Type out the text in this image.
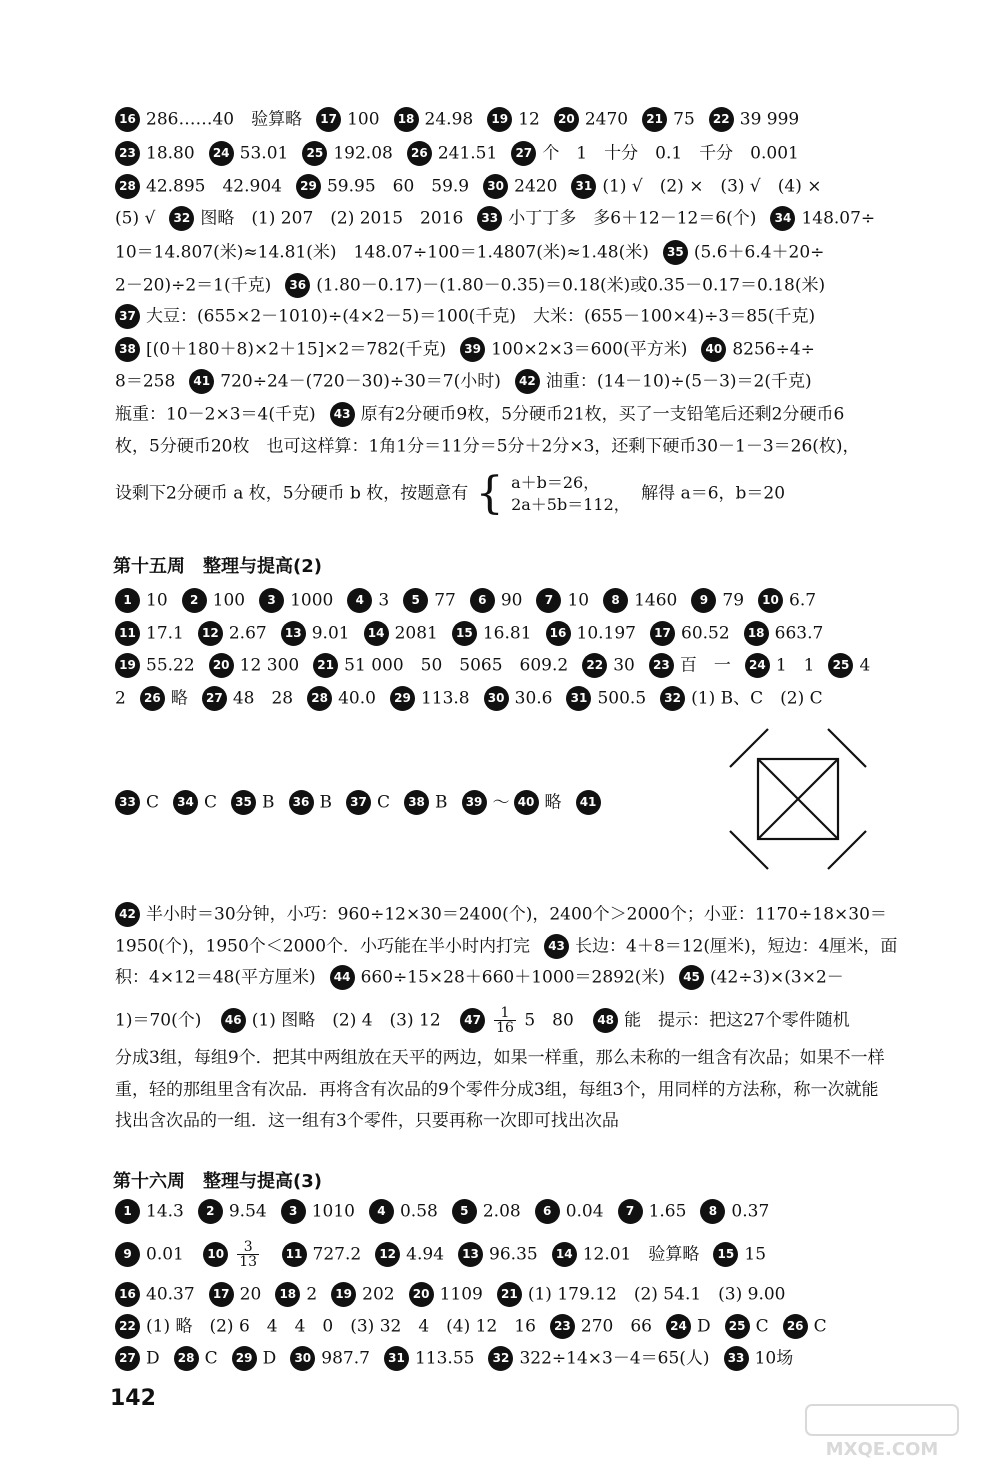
16 286……40　验算略 17 100 18 24.98 19 12 20 2470 21 75 22 39 999
23 18.80 24 53.01 25 192.08 26 241.51 27 个　1　十分　0.1　千分　0.001
28 42.895　42.904 29 59.95　60　59.9 30 2420 31 (1) √　(2) ×　(3) √　(4) ×
(5) √ 32 图略　(1) 207　(2) 2015　2016 33 小丁丁多　多6＋12－12＝6(个) 34 148.07÷
10＝14.807(米)≈14.81(米)　148.07÷100＝1.4807(米)≈1.48(米) 35 (5.6＋6.4＋20÷
2－20)÷2＝1(千克) 36 (1.80－0.17)－(1.80－0.35)＝0.18(米)或0.35－0.17＝0.18(米)
37 大豆：(655×2－1010)÷(4×2－5)＝100(千克)　大米：(655－100×4)÷3＝85(千克)
38 [(0＋180＋8)×2＋15]×2＝782(千克) 39 100×2×3＝600(平方米) 40 8256÷4÷
8＝258 41 720÷24－(720－30)÷30＝7(小时) 42 油重：(14－10)÷(5－3)＝2(千克)
瓶重：10－2×3＝4(千克) 43 原有2分硬币9枚，5分硬币21枚，买了一支铅笔后还剩2分硬币6
枚，5分硬币20枚　也可这样算：1角1分＝11分＝5分＋2分×3，还剩下硬币30－1－3＝26(枚)，
设剩下2分硬币 a 枚，5分硬币 b 枚，按题意有 { a＋b＝26，
2a＋5b＝112，
解得 a＝6，b＝20
第十五周　整理与提高(2)
1 10 2 100 3 1000 4 3 5 77 6 90 7 10 8 1460 9 79 10 6.7
11 17.1 12 2.67 13 9.01 14 2081 15 16.81 16 10.197 17 60.52 18 663.7
19 55.22 20 12 300 21 51 000　50　5065　609.2 22 30 23 百　一 24 1　1 25 4
2 26 略 27 48　28 28 40.0 29 113.8 30 30.6 31 500.5 32 (1) B、C　(2) C
33 C 34 C 35 B 36 B 37 C 38 B 39 ～ 40 略 41
42 半小时＝30分钟，小巧：960÷12×30＝2400(个)，2400个＞2000个；小亚：1170÷18×30＝
1950(个)，1950个＜2000个．小巧能在半小时内打完 43 长边：4＋8＝12(厘米)，短边：4厘米，面
积：4×12＝48(平方厘米) 44 660÷15×28＋660＋1000＝2892(米) 45 (42÷3)×(3×2－
1)＝70(个) 46 (1) 图略　(2) 4　(3) 12 $47 \frac{1}{16} 5$　80 48 能　提示：把这27个零件随机
分成3组，每组9个．把其中两组放在天平的两边，如果一样重，那么未称的一组含有次品；如果不一样
重，轻的那组里含有次品．再将含有次品的9个零件分成3组，每组3个，用同样的方法称，称一次就能
找出含次品的一组．这一组有3个零件，只要再称一次即可找出次品
第十六周　整理与提高(3)
1 14.3 2 9.54 3 1010 4 0.58 5 2.08 6 0.04 7 1.65 8 0.37
9 0.01 $10 \frac{3}{13} 11$ 727.2 12 4.94 13 96.35 14 12.01　验算略 15 15
16 40.37 17 20 18 2 19 202 20 1109 21 (1) 179.12　(2) 54.1　(3) 9.00
22 (1) 略　(2) 6　4　4　0　(3) 32　4　(4) 12　16 23 270　66 24 D 25 C 26 C
27 D 28 C 29 D 30 987.7 31 113.55 32 322÷14×3－4＝65(人) 33 10场
142
MXQE.COM
